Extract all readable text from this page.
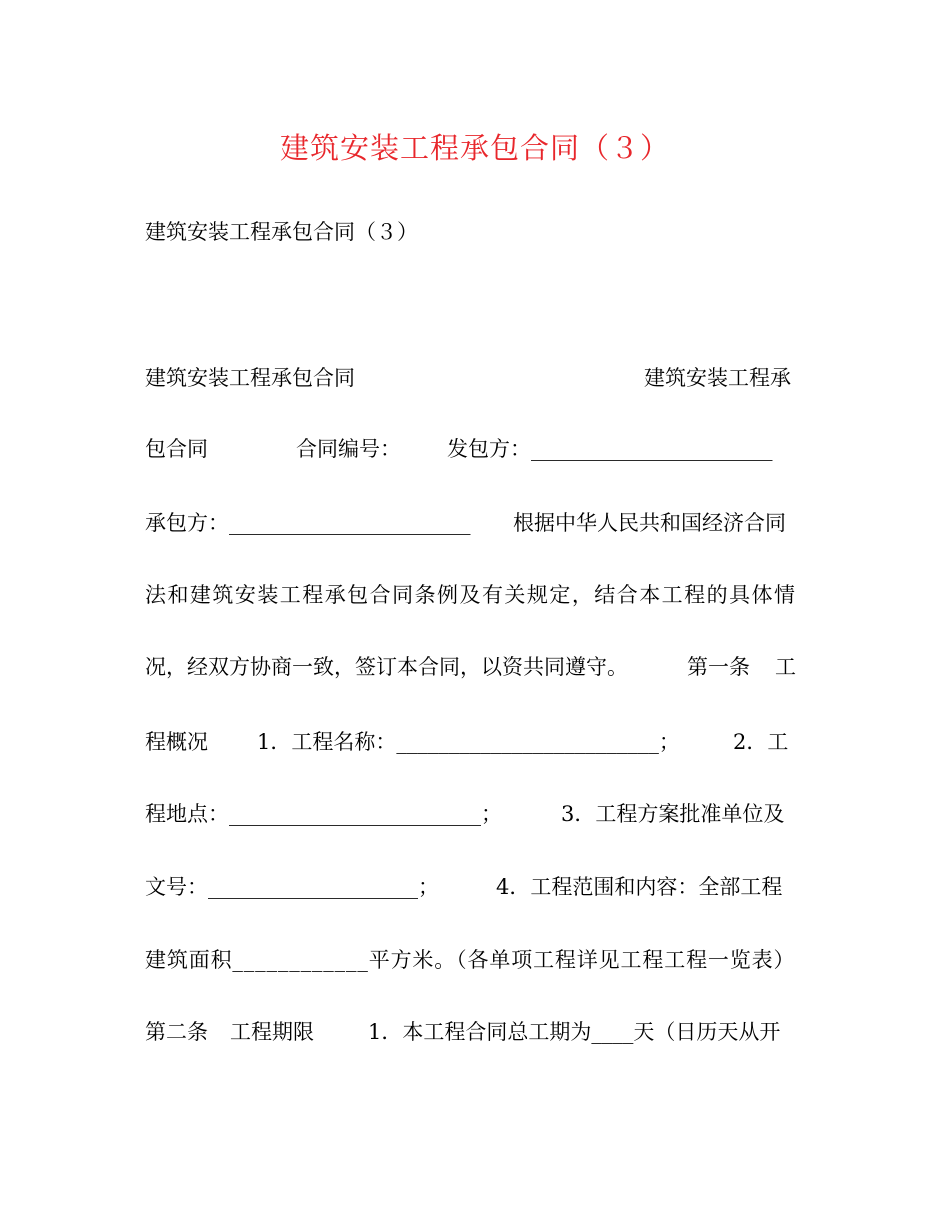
建筑安装工程承包合同（３）
建筑安装工程承包合同（３）
建筑安装工程承包合同	建筑安装工程承
包合同	合同编号： 发包方：_______________________
承包方：_______________________ 根据中华人民共和国经济合同
法和建筑安装工程承包合同条例及有关规定，结合本工程的具体情
况，经双方协商一致，签订本合同，以资共同遵守。	第一条 工
程概况 1．工程名称：_________________________；	2．工
程地点：________________________；	3．工程方案批准单位及
文号：____________________；	4．工程范围和内容：全部工程
建筑面积____________平方米。（各单项工程详见工程工程一览表）
第二条 工程期限	1．本工程合同总工期为____天（日历天从开
